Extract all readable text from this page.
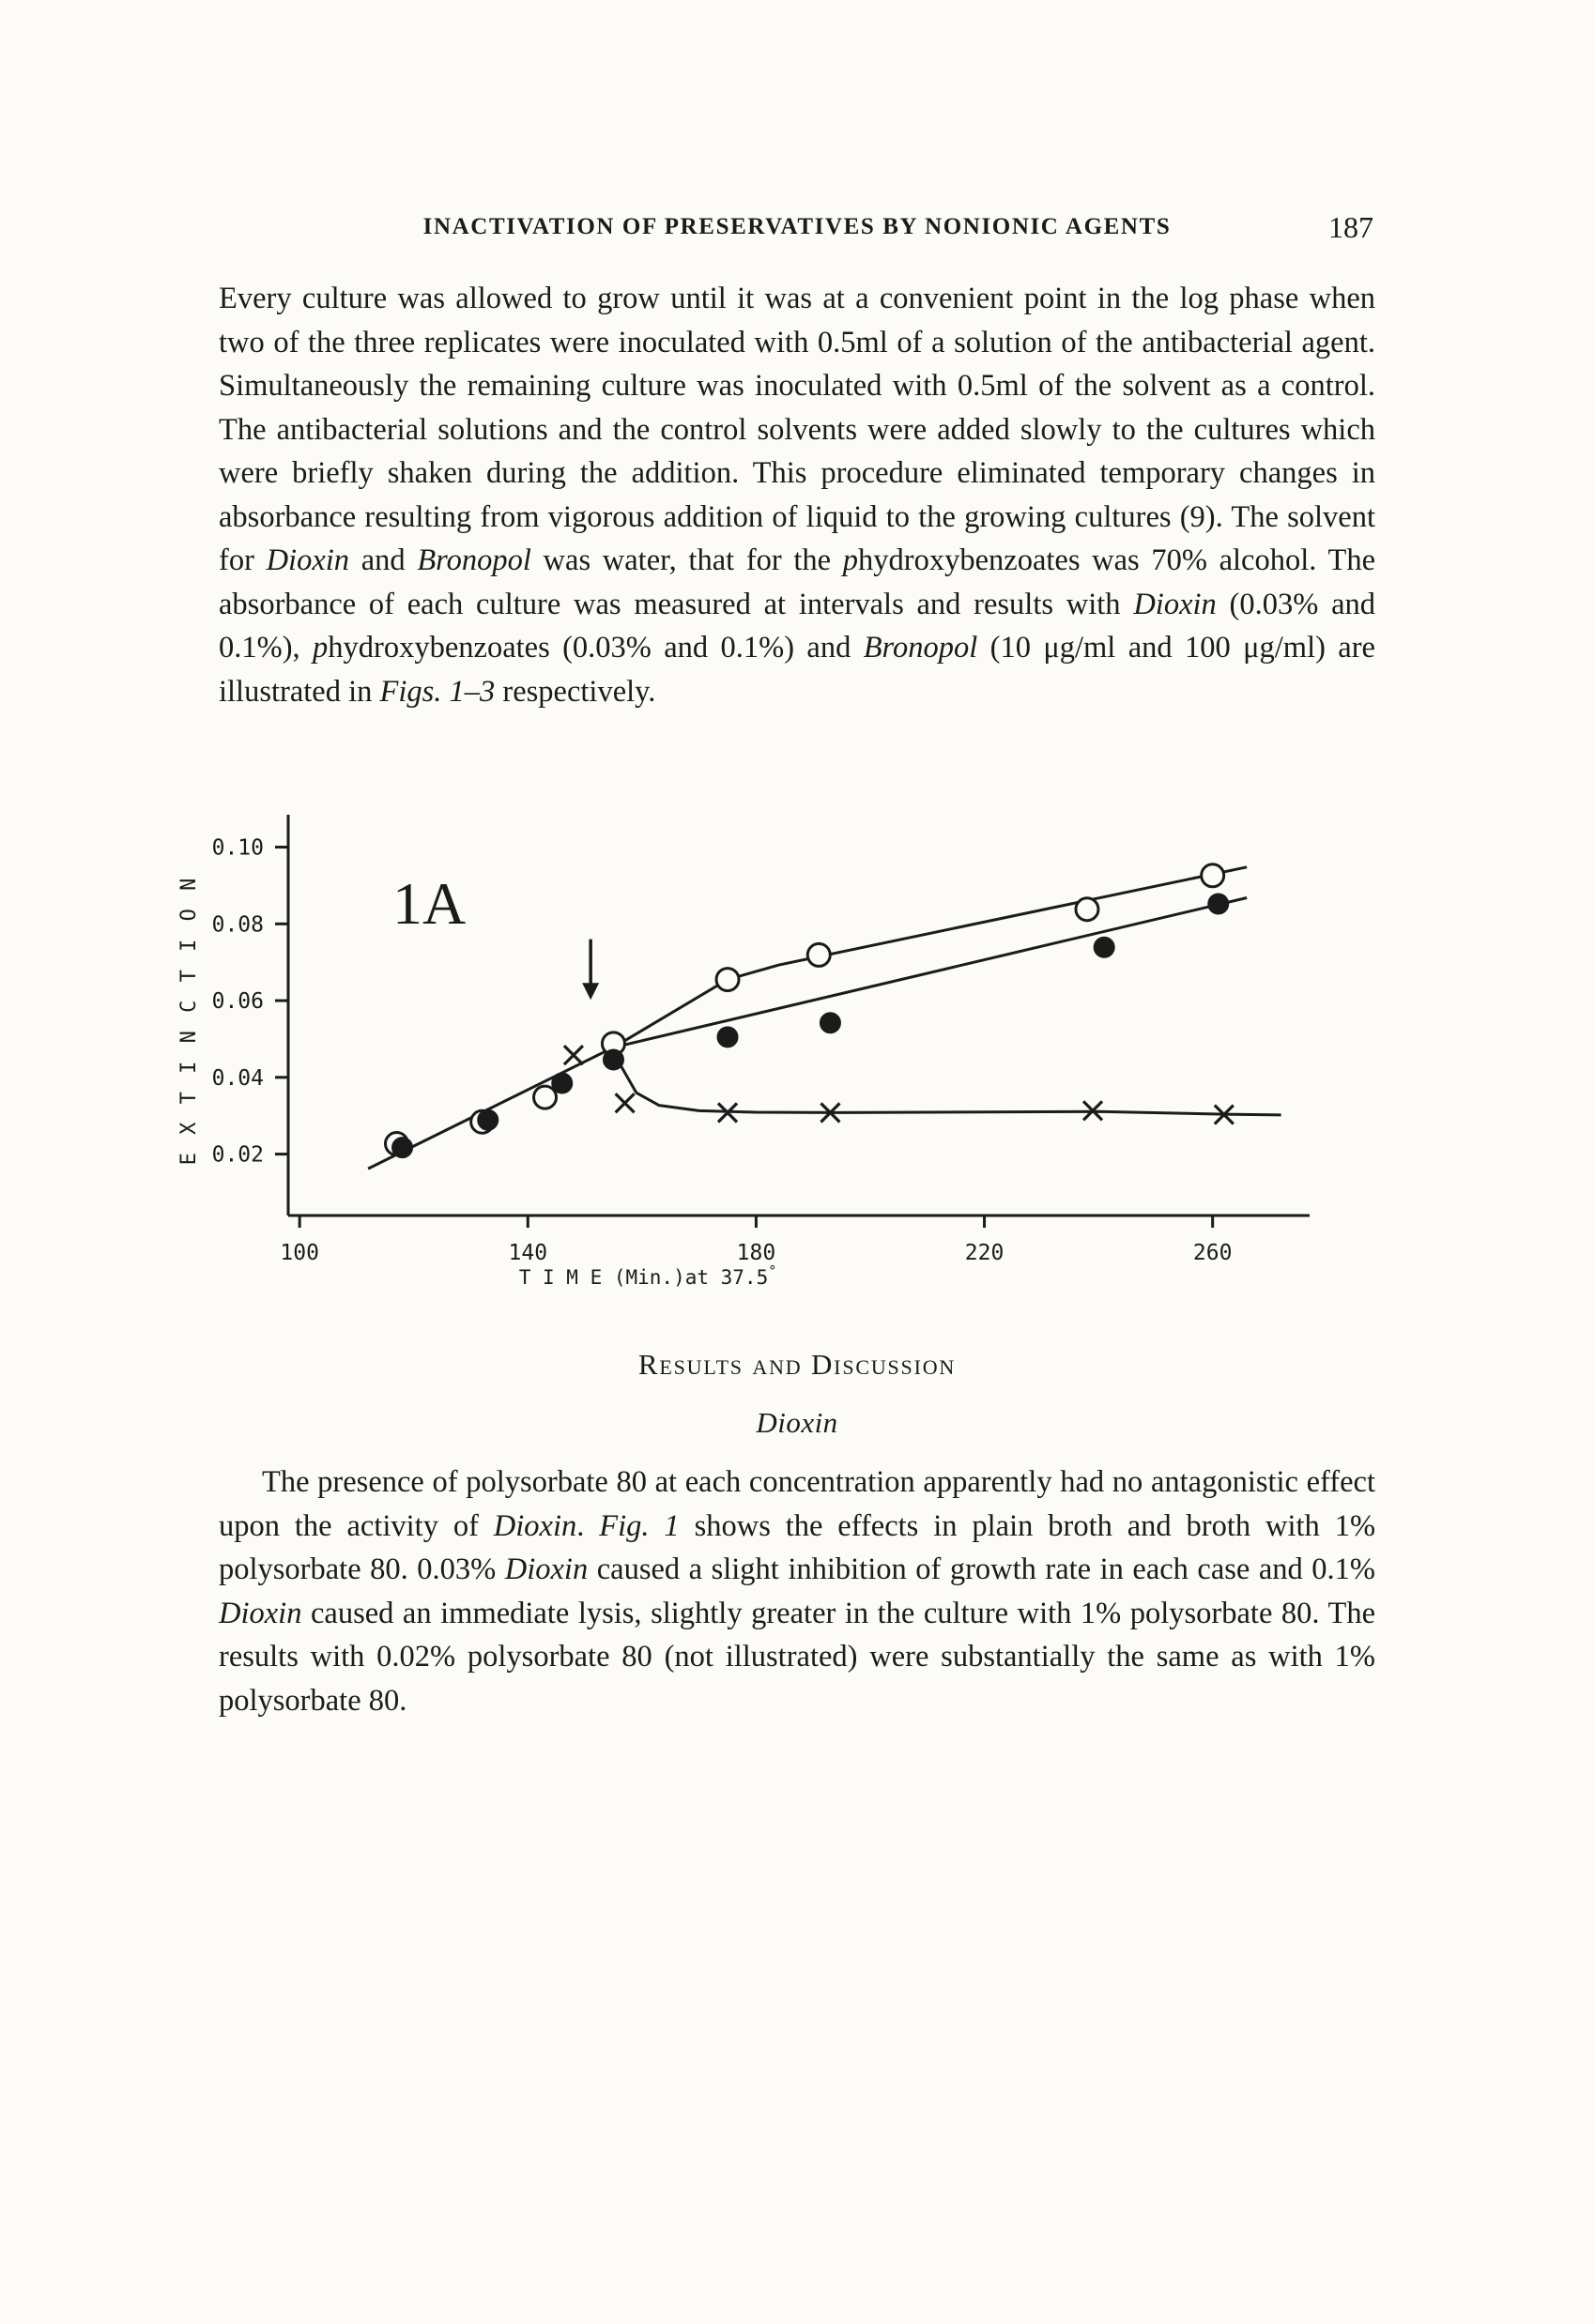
INACTIVATION OF PRESERVATIVES BY NONIONIC AGENTS	187

Every culture was allowed to grow until it was at a convenient point in the log phase when two of the three replicates were inoculated with 0.5ml of a solution of the antibacterial agent. Simultaneously the remaining culture was inoculated with 0.5ml of the solvent as a control. The antibacterial solutions and the control solvents were added slowly to the cultures which were briefly shaken during the addition. This procedure eliminated temporary changes in absorbance resulting from vigorous addition of liquid to the growing cultures (9). The solvent for Dioxin and Bronopol was water, that for the phydroxybenzoates was 70% alcohol. The absorbance of each culture was measured at intervals and results with Dioxin (0.03% and 0.1%), phydroxybenzoates (0.03% and 0.1%) and Bronopol (10 μg/ml and 100 μg/ml) are illustrated in Figs. 1–3 respectively.

0.10
0.08
0.06
0.04
0.02
100	140	180	220	260
1A
E X T I N C T I O N
T I M E (Min.)at 37.5°
Results and Discussion
Dioxin

The presence of polysorbate 80 at each concentration apparently had no antagonistic effect upon the activity of Dioxin. Fig. 1 shows the effects in plain broth and broth with 1% polysorbate 80. 0.03% Dioxin caused a slight inhibition of growth rate in each case and 0.1% Dioxin caused an immediate lysis, slightly greater in the culture with 1% polysorbate 80. The results with 0.02% polysorbate 80 (not illustrated) were substantially the same as with 1% polysorbate 80.
